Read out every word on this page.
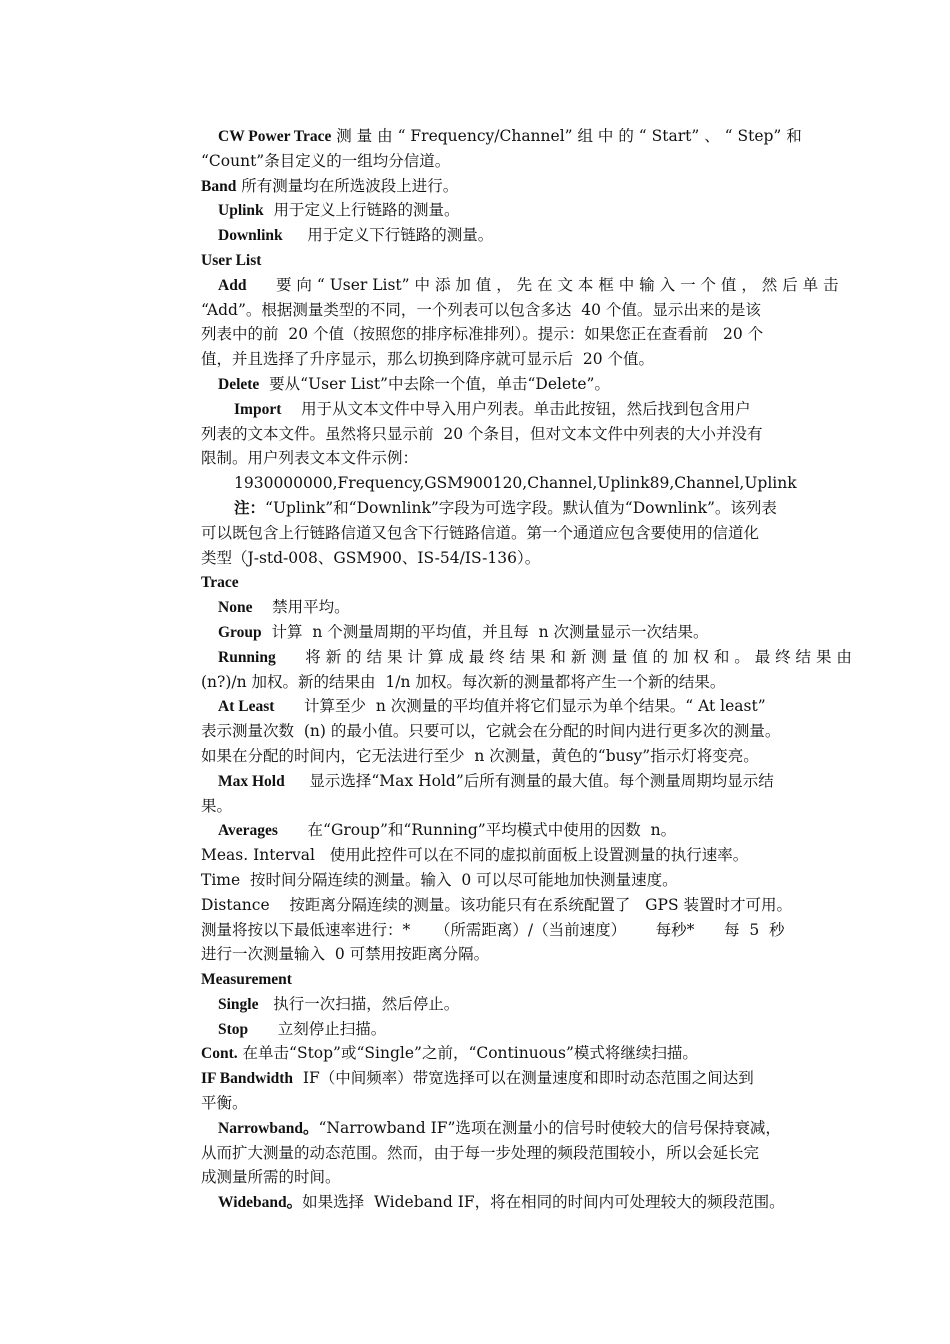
CW Power Trace 测 量 由 “ Frequency/Channel” 组 中 的 “ Start” 、 “ Step” 和
“Count”条目定义的一组均分信道。
Band 所有测量均在所选波段上进行。
Uplink  用于定义上行链路的测量。
Downlink     用于定义下行链路的测量。
User List
Add      要 向 “ User List” 中 添 加 值 ， 先 在 文 本 框 中 输 入 一 个 值 ， 然 后 单 击
“Add”。根据测量类型的不同，一个列表可以包含多达  40 个值。显示出来的是该
列表中的前  20 个值（按照您的排序标准排列）。提示：如果您正在查看前   20 个
值，并且选择了升序显示，那么切换到降序就可显示后  20 个值。
Delete  要从“User List”中去除一个值，单击“Delete”。
Import    用于从文本文件中导入用户列表。单击此按钮，然后找到包含用户
列表的文本文件。虽然将只显示前  20 个条目，但对文本文件中列表的大小并没有
限制。用户列表文本文件示例：
1930000000,Frequency,GSM900120,Channel,Uplink89,Channel,Uplink
注：“Uplink”和“Downlink”字段为可选字段。默认值为“Downlink”。该列表
可以既包含上行链路信道又包含下行链路信道。第一个通道应包含要使用的信道化
类型（J-std-008、GSM900、IS-54/IS-136）。
Trace
None    禁用平均。
Group  计算  n 个测量周期的平均值，并且每  n 次测量显示一次结果。
Running      将 新 的 结 果 计 算 成 最 终 结 果 和 新 测 量 值 的 加 权 和 。 最 终 结 果 由
(n?)/n 加权。新的结果由  1/n 加权。每次新的测量都将产生一个新的结果。
At Least      计算至少  n 次测量的平均值并将它们显示为单个结果。“ At least”
表示测量次数  (n) 的最小值。只要可以，它就会在分配的时间内进行更多次的测量。
如果在分配的时间内，它无法进行至少  n 次测量，黄色的“busy”指示灯将变亮。
Max Hold     显示选择“Max Hold”后所有测量的最大值。每个测量周期均显示结
果。
Averages      在“Group”和“Running”平均模式中使用的因数  n。
Meas. Interval   使用此控件可以在不同的虚拟前面板上设置测量的执行速率。
Time  按时间分隔连续的测量。输入  0 可以尽可能地加快测量速度。
Distance    按距离分隔连续的测量。该功能只有在系统配置了   GPS 装置时才可用。
测量将按以下最低速率进行：*     （所需距离）/（当前速度）      每秒*      每  5  秒
进行一次测量输入  0 可禁用按距离分隔。
Measurement
Single   执行一次扫描，然后停止。
Stop      立刻停止扫描。
Cont. 在单击“Stop”或“Single”之前，“Continuous”模式将继续扫描。
IF Bandwidth  IF（中间频率）带宽选择可以在测量速度和即时动态范围之间达到
平衡。
Narrowband。“Narrowband IF”选项在测量小的信号时使较大的信号保持衰减，
从而扩大测量的动态范围。然而，由于每一步处理的频段范围较小，所以会延长完
成测量所需的时间。
Wideband。如果选择  Wideband IF，将在相同的时间内可处理较大的频段范围。
